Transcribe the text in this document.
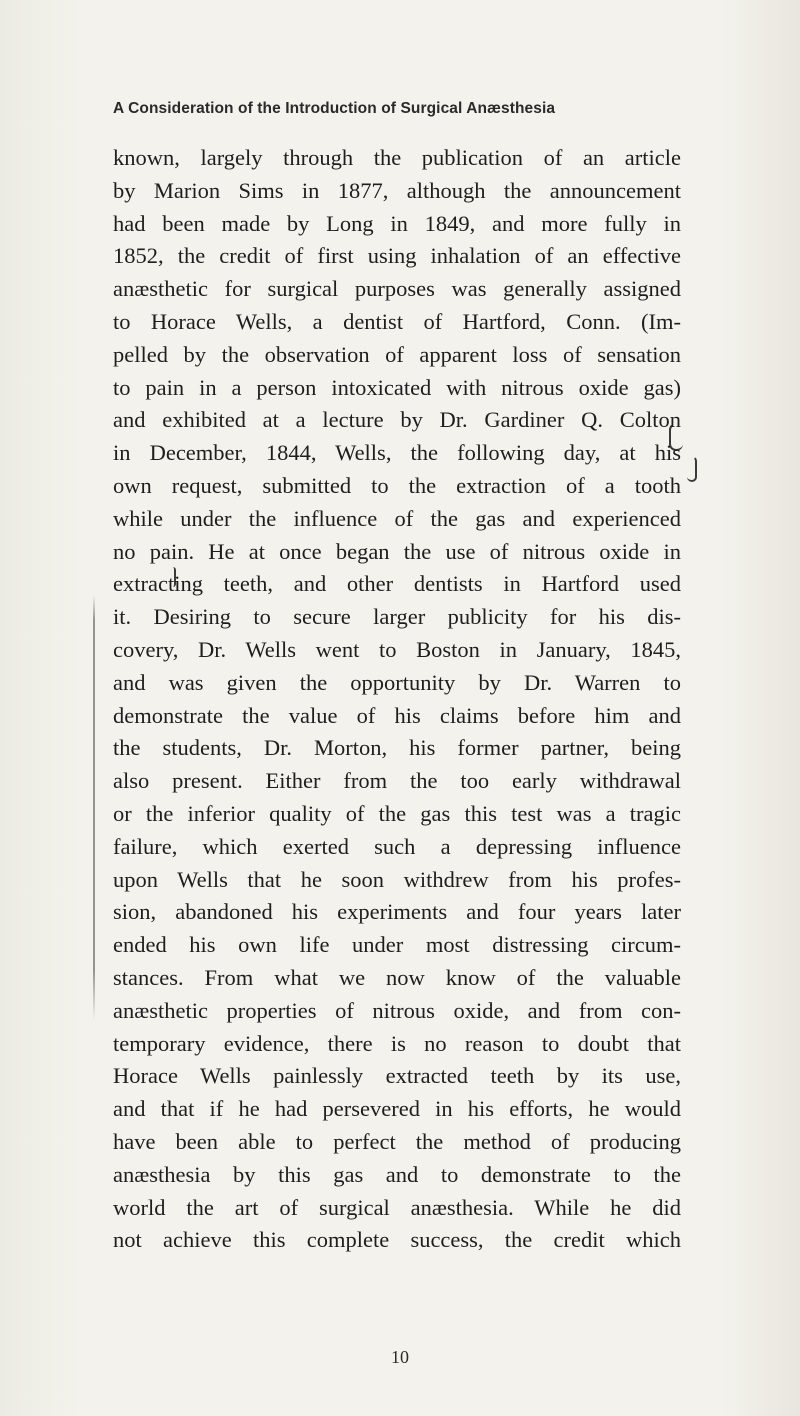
A Consideration of the Introduction of Surgical Anæsthesia
known, largely through the publication of an article
by Marion Sims in 1877, although the announcement
had been made by Long in 1849, and more fully in
1852, the credit of first using inhalation of an effective
anæsthetic for surgical purposes was generally assigned
to Horace Wells, a dentist of Hartford, Conn. (Im-
pelled by the observation of apparent loss of sensation
to pain in a person intoxicated with nitrous oxide gas)
and exhibited at a lecture by Dr. Gardiner Q. Colton
in December, 1844, Wells, the following day, at his
own request, submitted to the extraction of a tooth
while under the influence of the gas and experienced
no pain. He at once began the use of nitrous oxide in
extracting teeth, and other dentists in Hartford used
it. Desiring to secure larger publicity for his dis-
covery, Dr. Wells went to Boston in January, 1845,
and was given the opportunity by Dr. Warren to
demonstrate the value of his claims before him and
the students, Dr. Morton, his former partner, being
also present. Either from the too early withdrawal
or the inferior quality of the gas this test was a tragic
failure, which exerted such a depressing influence
upon Wells that he soon withdrew from his profes-
sion, abandoned his experiments and four years later
ended his own life under most distressing circum-
stances. From what we now know of the valuable
anæsthetic properties of nitrous oxide, and from con-
temporary evidence, there is no reason to doubt that
Horace Wells painlessly extracted teeth by its use,
and that if he had persevered in his efforts, he would
have been able to perfect the method of producing
anæsthesia by this gas and to demonstrate to the
world the art of surgical anæsthesia. While he did
not achieve this complete success, the credit which
10
